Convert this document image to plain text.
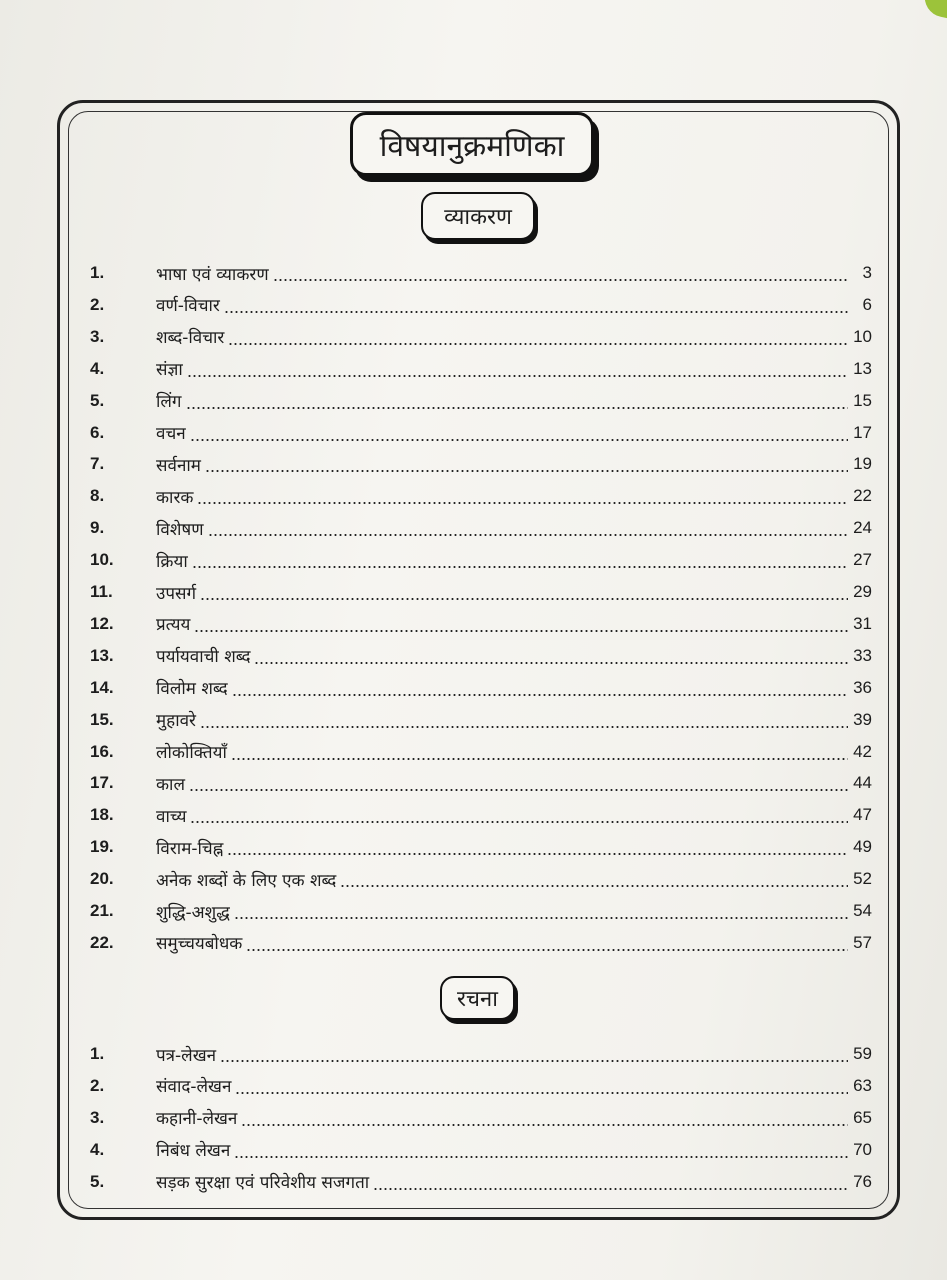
विषयानुक्रमणिका
व्याकरण
रचना
1.	भाषा एवं व्याकरण	3
2.	वर्ण-विचार	6
3.	शब्द-विचार	10
4.	संज्ञा	13
5.	लिंग	15
6.	वचन	17
7.	सर्वनाम	19
8.	कारक	22
9.	विशेषण	24
10.	क्रिया	27
11.	उपसर्ग	29
12.	प्रत्यय	31
13.	पर्यायवाची शब्द	33
14.	विलोम शब्द	36
15.	मुहावरे	39
16.	लोकोक्तियाँ	42
17.	काल	44
18.	वाच्य	47
19.	विराम-चिह्न	49
20.	अनेक शब्दों के लिए एक शब्द	52
21.	शुद्धि-अशुद्ध	54
22.	समुच्चयबोधक	57
1.	पत्र-लेखन	59
2.	संवाद-लेखन	63
3.	कहानी-लेखन	65
4.	निबंध लेखन	70
5.	सड़क सुरक्षा एवं परिवेशीय सजगता	76
